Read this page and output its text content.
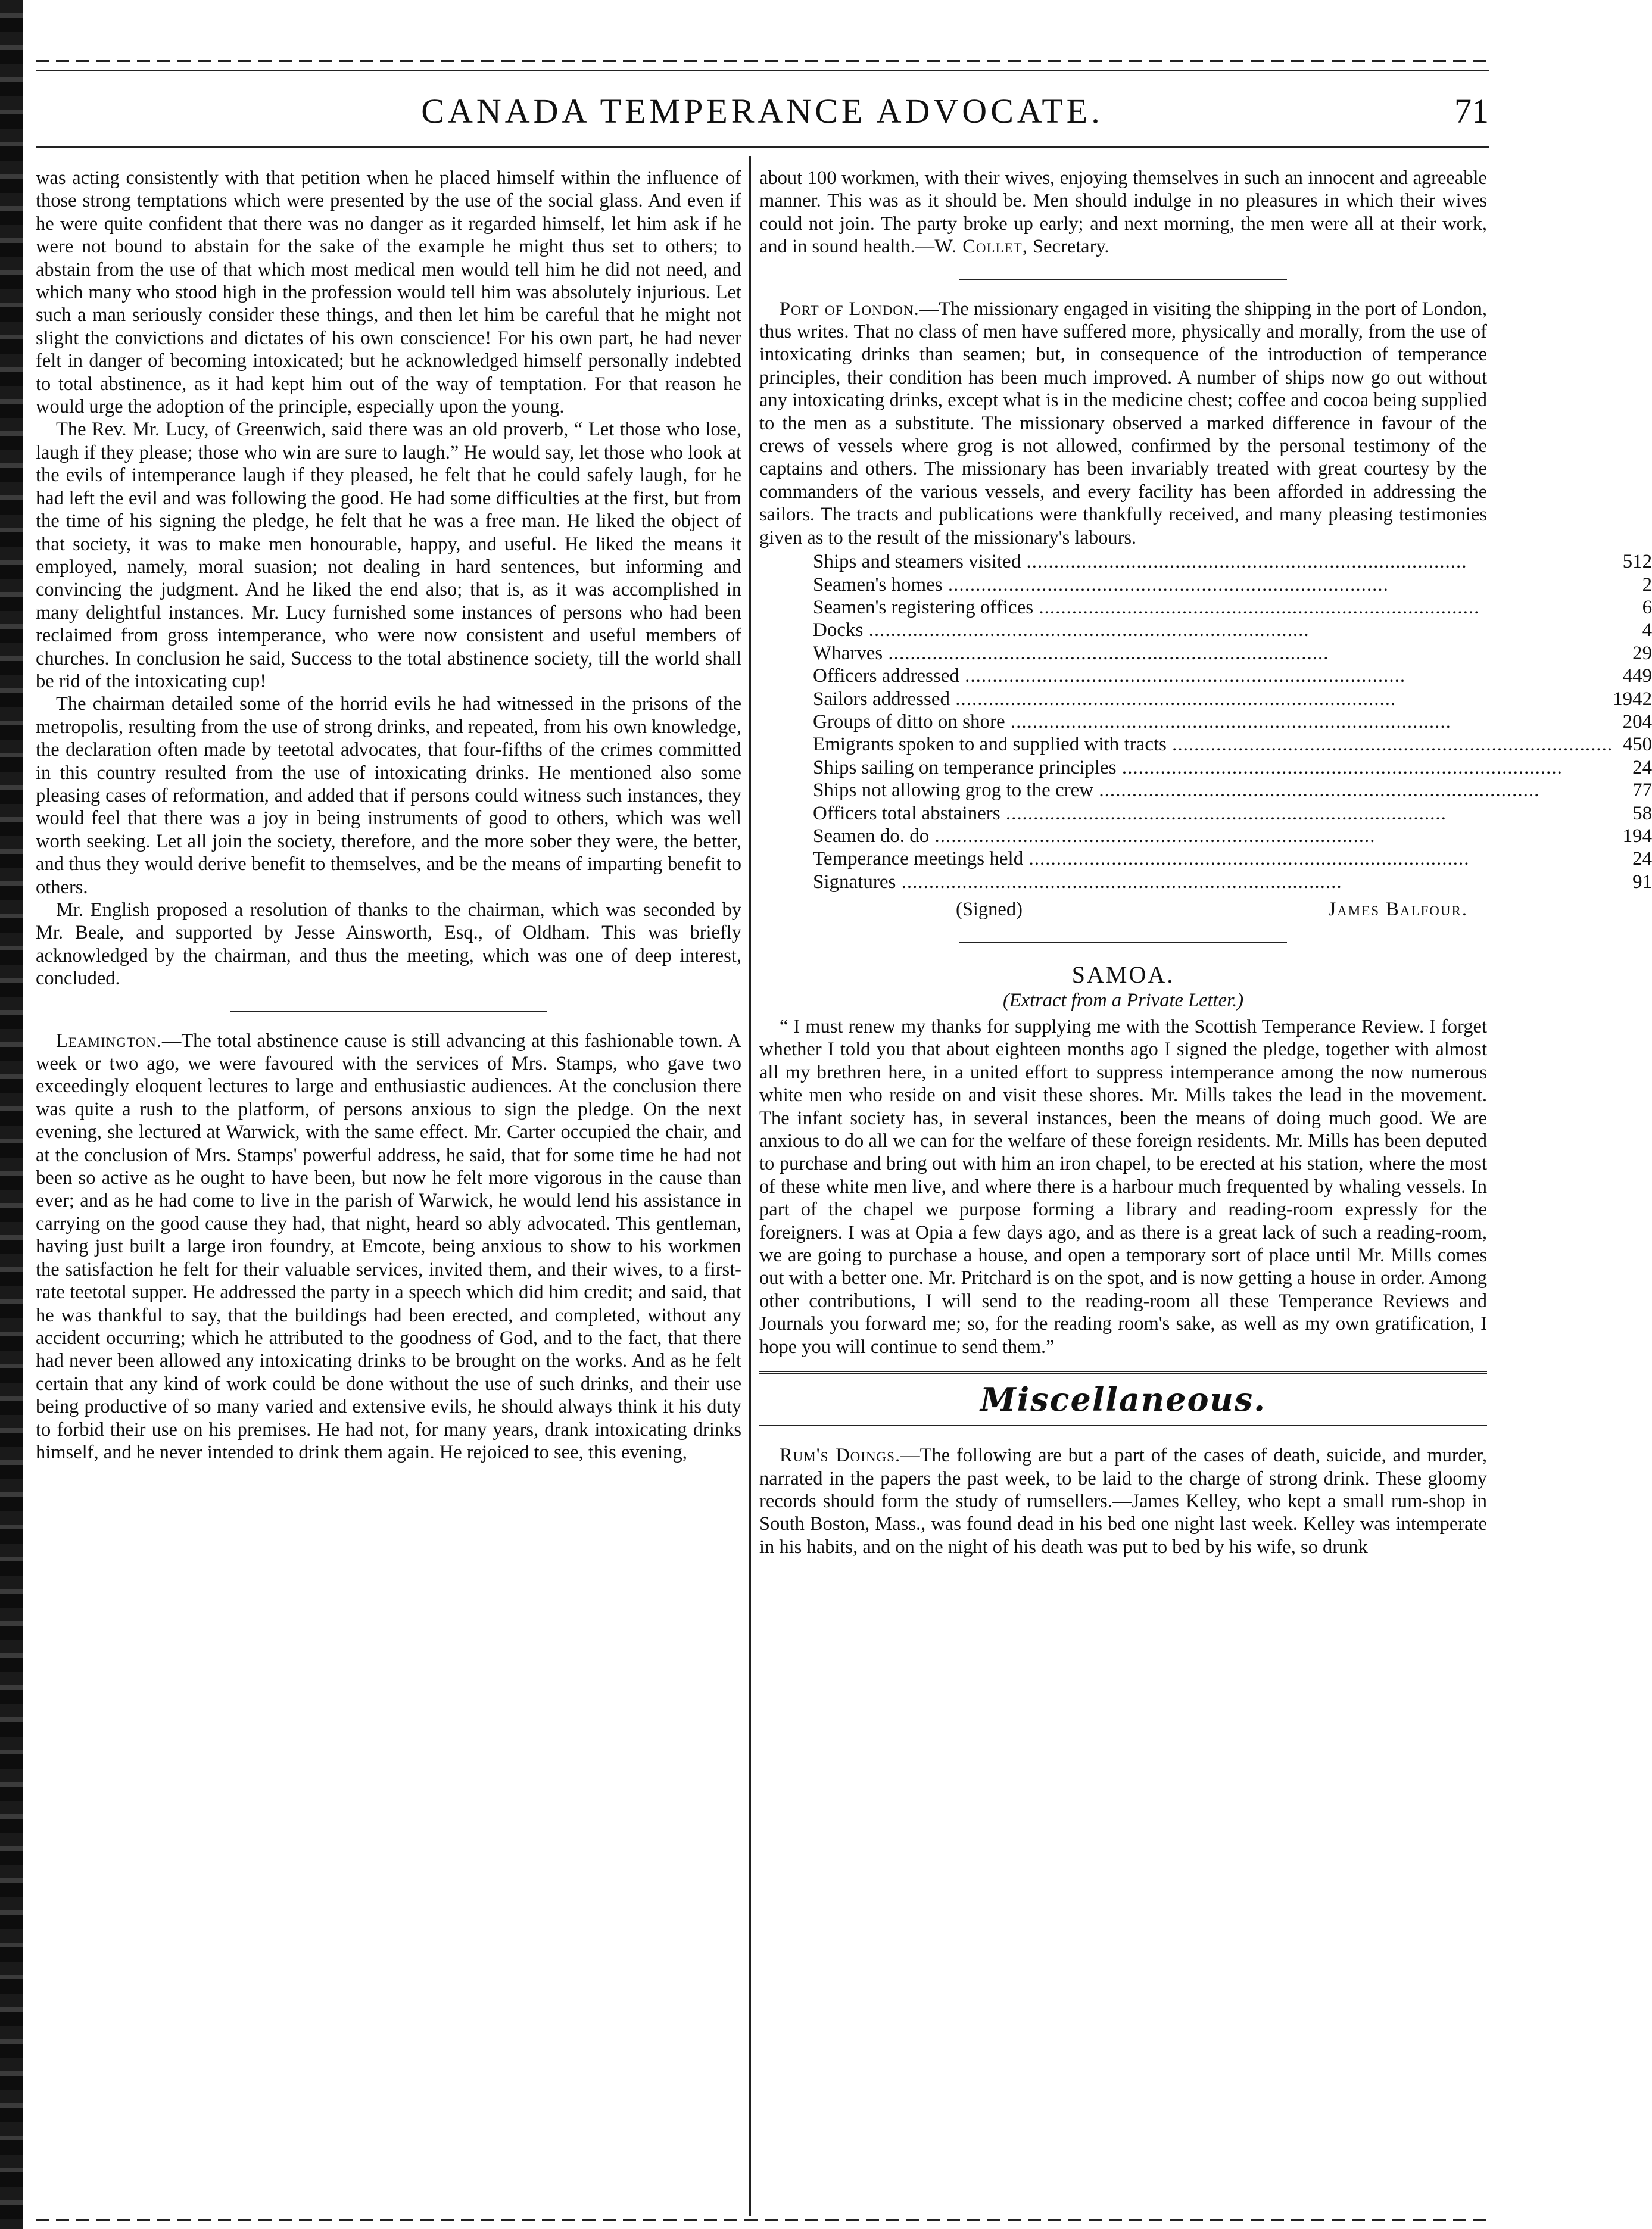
CANADA TEMPERANCE ADVOCATE.	71

was acting consistently with that petition when he placed himself within the influence of those strong temptations which were presented by the use of the social glass. And even if he were quite confident that there was no danger as it regarded himself, let him ask if he were not bound to abstain for the sake of the example he might thus set to others; to abstain from the use of that which most medical men would tell him he did not need, and which many who stood high in the profession would tell him was absolutely injurious. Let such a man seriously consider these things, and then let him be careful that he might not slight the convictions and dictates of his own conscience! For his own part, he had never felt in danger of becoming intoxicated; but he acknowledged himself personally indebted to total abstinence, as it had kept him out of the way of temptation. For that reason he would urge the adoption of the principle, especially upon the young.

The Rev. Mr. Lucy, of Greenwich, said there was an old proverb, “ Let those who lose, laugh if they please; those who win are sure to laugh.” He would say, let those who look at the evils of intemperance laugh if they pleased, he felt that he could safely laugh, for he had left the evil and was following the good. He had some difficulties at the first, but from the time of his signing the pledge, he felt that he was a free man. He liked the object of that society, it was to make men honourable, happy, and useful. He liked the means it employed, namely, moral suasion; not dealing in hard sentences, but informing and convincing the judgment. And he liked the end also; that is, as it was accomplished in many delightful instances. Mr. Lucy furnished some instances of persons who had been reclaimed from gross intemperance, who were now consistent and useful members of churches. In conclusion he said, Success to the total abstinence society, till the world shall be rid of the intoxicating cup!

The chairman detailed some of the horrid evils he had witnessed in the prisons of the metropolis, resulting from the use of strong drinks, and repeated, from his own knowledge, the declaration often made by teetotal advocates, that four-fifths of the crimes committed in this country resulted from the use of intoxicating drinks. He mentioned also some pleasing cases of reformation, and added that if persons could witness such instances, they would feel that there was a joy in being instruments of good to others, which was well worth seeking. Let all join the society, therefore, and the more sober they were, the better, and thus they would derive benefit to themselves, and be the means of imparting benefit to others.

Mr. English proposed a resolution of thanks to the chairman, which was seconded by Mr. Beale, and supported by Jesse Ainsworth, Esq., of Oldham. This was briefly acknowledged by the chairman, and thus the meeting, which was one of deep interest, concluded.

Leamington.—The total abstinence cause is still advancing at this fashionable town. A week or two ago, we were favoured with the services of Mrs. Stamps, who gave two exceedingly eloquent lectures to large and enthusiastic audiences. At the conclusion there was quite a rush to the platform, of persons anxious to sign the pledge. On the next evening, she lectured at Warwick, with the same effect. Mr. Carter occupied the chair, and at the conclusion of Mrs. Stamps' powerful address, he said, that for some time he had not been so active as he ought to have been, but now he felt more vigorous in the cause than ever; and as he had come to live in the parish of Warwick, he would lend his assistance in carrying on the good cause they had, that night, heard so ably advocated. This gentleman, having just built a large iron foundry, at Emcote, being anxious to show to his workmen the satisfaction he felt for their valuable services, invited them, and their wives, to a first-rate teetotal supper. He addressed the party in a speech which did him credit; and said, that he was thankful to say, that the buildings had been erected, and completed, without any accident occurring; which he attributed to the goodness of God, and to the fact, that there had never been allowed any intoxicating drinks to be brought on the works. And as he felt certain that any kind of work could be done without the use of such drinks, and their use being productive of so many varied and extensive evils, he should always think it his duty to forbid their use on his premises. He had not, for many years, drank intoxicating drinks himself, and he never intended to drink them again. He rejoiced to see, this evening,

about 100 workmen, with their wives, enjoying themselves in such an innocent and agreeable manner. This was as it should be. Men should indulge in no pleasures in which their wives could not join. The party broke up early; and next morning, the men were all at their work, and in sound health.—W. Collet, Secretary.

Port of London.—The missionary engaged in visiting the shipping in the port of London, thus writes. That no class of men have suffered more, physically and morally, from the use of intoxicating drinks than seamen; but, in consequence of the introduction of temperance principles, their condition has been much improved. A number of ships now go out without any intoxicating drinks, except what is in the medicine chest; coffee and cocoa being supplied to the men as a substitute. The missionary observed a marked difference in favour of the crews of vessels where grog is not allowed, confirmed by the personal testimony of the captains and others. The missionary has been invariably treated with great courtesy by the commanders of the various vessels, and every facility has been afforded in addressing the sailors. The tracts and publications were thankfully received, and many pleasing testimonies given as to the result of the missionary's labours.

Ships and steamers visited ................................................................................	512
Seamen's homes ................................................................................	2
Seamen's registering offices ................................................................................	6
Docks ................................................................................	4
Wharves ................................................................................	29
Officers addressed ................................................................................	449
Sailors addressed ................................................................................	1942
Groups of ditto on shore ................................................................................	204
Emigrants spoken to and supplied with tracts ................................................................................	450
Ships sailing on temperance principles ................................................................................	24
Ships not allowing grog to the crew ................................................................................	77
Officers total abstainers ................................................................................	58
Seamen do. do ................................................................................	194
Temperance meetings held ................................................................................	24
Signatures ................................................................................	91
(Signed)	James Balfour.
SAMOA.
(Extract from a Private Letter.)

“ I must renew my thanks for supplying me with the Scottish Temperance Review. I forget whether I told you that about eighteen months ago I signed the pledge, together with almost all my brethren here, in a united effort to suppress intemperance among the now numerous white men who reside on and visit these shores. Mr. Mills takes the lead in the movement. The infant society has, in several instances, been the means of doing much good. We are anxious to do all we can for the welfare of these foreign residents. Mr. Mills has been deputed to purchase and bring out with him an iron chapel, to be erected at his station, where the most of these white men live, and where there is a harbour much frequented by whaling vessels. In part of the chapel we purpose forming a library and reading-room expressly for the foreigners. I was at Opia a few days ago, and as there is a great lack of such a reading-room, we are going to purchase a house, and open a temporary sort of place until Mr. Mills comes out with a better one. Mr. Pritchard is on the spot, and is now getting a house in order. Among other contributions, I will send to the reading-room all these Temperance Reviews and Journals you forward me; so, for the reading room's sake, as well as my own gratification, I hope you will continue to send them.”

Miscellaneous.

Rum's Doings.—The following are but a part of the cases of death, suicide, and murder, narrated in the papers the past week, to be laid to the charge of strong drink. These gloomy records should form the study of rumsellers.—James Kelley, who kept a small rum-shop in South Boston, Mass., was found dead in his bed one night last week. Kelley was intemperate in his habits, and on the night of his death was put to bed by his wife, so drunk
